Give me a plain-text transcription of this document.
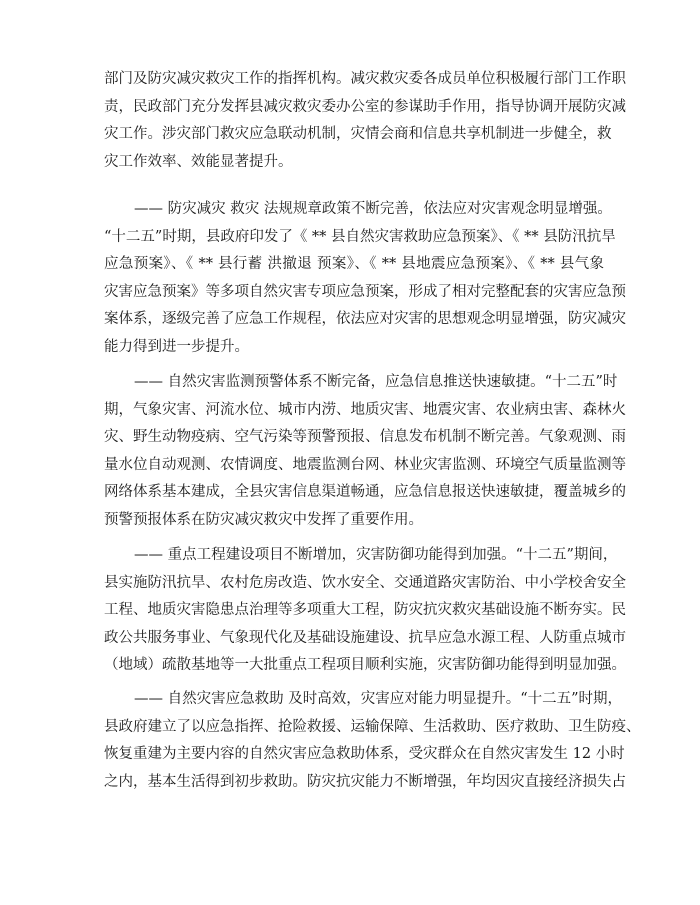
部门及防灾减灾救灾工作的指挥机构。减灾救灾委各成员单位积极履行部门工作职
责，民政部门充分发挥县减灾救灾委办公室的参谋助手作用，指导协调开展防灾减
灾工作。涉灾部门救灾应急联动机制，灾情会商和信息共享机制进一步健全，救
灾工作效率、效能显著提升。
—— 防灾减灾 救灾 法规规章政策不断完善，依法应对灾害观念明显增强。
“十二五”时期，县政府印发了《 ** 县自然灾害救助应急预案》、《 ** 县防汛抗旱
应急预案》、《 ** 县行蓄 洪撤退 预案》、《 ** 县地震应急预案》、《 ** 县气象
灾害应急预案》等多项自然灾害专项应急预案，形成了相对完整配套的灾害应急预
案体系，逐级完善了应急工作规程，依法应对灾害的思想观念明显增强，防灾减灾
能力得到进一步提升。
—— 自然灾害监测预警体系不断完备，应急信息推送快速敏捷。“十二五”时
期，气象灾害、河流水位、城市内涝、地质灾害、地震灾害、农业病虫害、森林火
灾、野生动物疫病、空气污染等预警预报、信息发布机制不断完善。气象观测、雨
量水位自动观测、农情调度、地震监测台网、林业灾害监测、环境空气质量监测等
网络体系基本建成，全县灾害信息渠道畅通，应急信息报送快速敏捷，覆盖城乡的
预警预报体系在防灾减灾救灾中发挥了重要作用。
—— 重点工程建设项目不断增加，灾害防御功能得到加强。“十二五”期间，
县实施防汛抗旱、农村危房改造、饮水安全、交通道路灾害防治、中小学校舍安全
工程、地质灾害隐患点治理等多项重大工程，防灾抗灾救灾基础设施不断夯实。民
政公共服务事业、气象现代化及基础设施建设、抗旱应急水源工程、人防重点城市
（地域）疏散基地等一大批重点工程项目顺利实施，灾害防御功能得到明显加强。
—— 自然灾害应急救助 及时高效，灾害应对能力明显提升。“十二五”时期，
县政府建立了以应急指挥、抢险救援、运输保障、生活救助、医疗救助、卫生防疫、
恢复重建为主要内容的自然灾害应急救助体系，受灾群众在自然灾害发生 12 小时
之内，基本生活得到初步救助。防灾抗灾能力不断增强，年均因灾直接经济损失占
